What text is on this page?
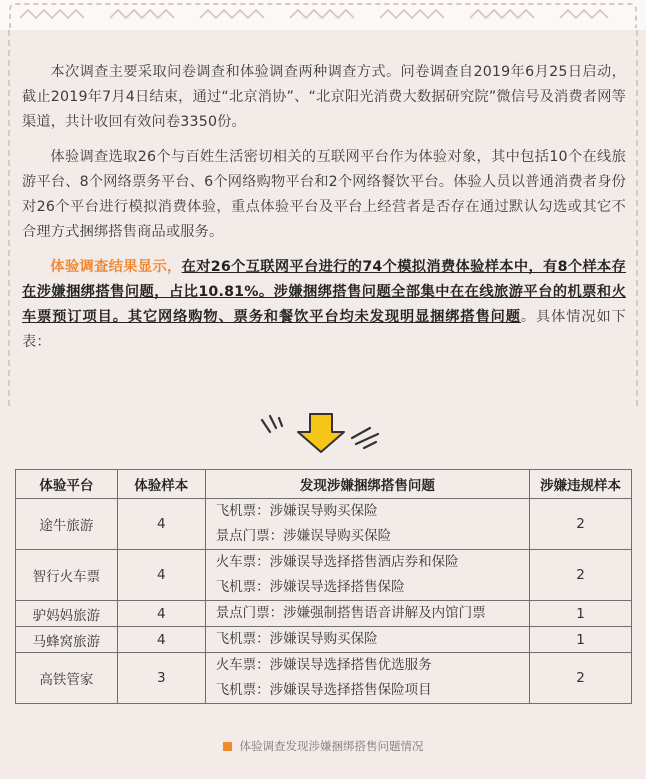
本次调查主要采取问卷调查和体验调查两种调查方式。问卷调查自2019年6月25日启动，截止2019年7月4日结束，通过“北京消协”、“北京阳光消费大数据研究院”微信号及消费者网等渠道，共计收回有效问卷3350份。

体验调查选取26个与百姓生活密切相关的互联网平台作为体验对象，其中包括10个在线旅游平台、8个网络票务平台、6个网络购物平台和2个网络餐饮平台。体验人员以普通消费者身份对26个平台进行模拟消费体验，重点体验平台及平台上经营者是否存在通过默认勾选或其它不合理方式捆绑搭售商品或服务。

体验调查结果显示，在对26个互联网平台进行的74个模拟消费体验样本中，有8个样本存在涉嫌捆绑搭售问题，占比10.81%。涉嫌捆绑搭售问题全部集中在在线旅游平台的机票和火车票预订项目。其它网络购物、票务和餐饮平台均未发现明显捆绑搭售问题。具体情况如下表：

体验平台	体验样本	发现涉嫌捆绑搭售问题	涉嫌违规样本
途牛旅游	4	飞机票：涉嫌误导购买保险
景点门票：涉嫌误导购买保险	2
智行火车票	4	火车票：涉嫌误导选择搭售酒店券和保险
飞机票：涉嫌误导选择搭售保险	2
驴妈妈旅游	4	景点门票：涉嫌强制搭售语音讲解及内馆门票	1
马蜂窝旅游	4	飞机票：涉嫌误导购买保险	1
高铁管家	3	火车票：涉嫌误导选择搭售优选服务
飞机票：涉嫌误导选择搭售保险项目	2
体验调查发现涉嫌捆绑搭售问题情况
